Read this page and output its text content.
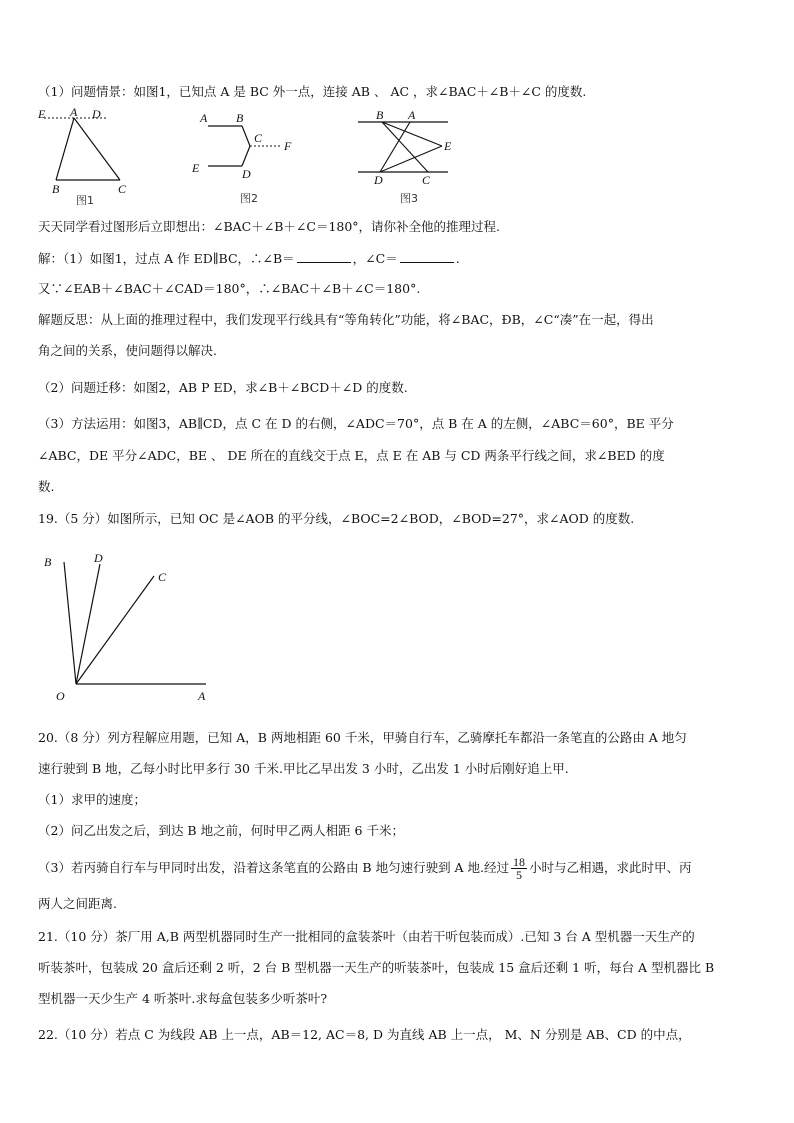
（1）问题情景：如图1，已知点 A 是 BC 外一点，连接 AB 、 AC ，求∠BAC＋∠B＋∠C 的度数.
E A D
B	C
图1
A B
C
F
E	D
图2
B A
E
D	C
图3
天天同学看过图形后立即想出：∠BAC＋∠B＋∠C＝180°，请你补全他的推理过程.
解：（1）如图1，过点 A 作 ED∥BC，∴∠B＝	，∠C＝	.
又∵∠EAB＋∠BAC＋∠CAD＝180°，∴∠BAC＋∠B＋∠C＝180°.
解题反思：从上面的推理过程中，我们发现平行线具有“等角转化”功能，将∠BAC，ÐB，∠C“凑”在一起，得出
角之间的关系，使问题得以解决.
（2）问题迁移：如图2，AB P ED，求∠B＋∠BCD＋∠D 的度数.
（3）方法运用：如图3，AB∥CD，点 C 在 D 的右侧，∠ADC＝70°，点 B 在 A 的左侧，∠ABC＝60°，BE 平分
∠ABC，DE 平分∠ADC，BE 、 DE 所在的直线交于点 E，点 E 在 AB 与 CD 两条平行线之间，求∠BED 的度
数.
19.（5 分）如图所示，已知 OC 是∠AOB 的平分线，∠BOC=2∠BOD，∠BOD=27°，求∠AOD 的度数.
B	D
C
O	A
20.（8 分）列方程解应用题，已知 A，B 两地相距 60 千米，甲骑自行车，乙骑摩托车都沿一条笔直的公路由 A 地匀
速行驶到 B 地，乙每小时比甲多行 30 千米.甲比乙早出发 3 小时，乙出发 1 小时后刚好追上甲.
（1）求甲的速度；
（2）问乙出发之后，到达 B 地之前，何时甲乙两人相距 6 千米；
（3）若丙骑自行车与甲同时出发，沿着这条笔直的公路由 B 地匀速行驶到 A 地.经过 $\frac{18}{5}$ 小时与乙相遇，求此时甲、丙
两人之间距离.
21.（10 分）茶厂用 A,B 两型机器同时生产一批相同的盒装茶叶（由若干听包装而成）.已知 3 台 A 型机器一天生产的
听装茶叶，包装成 20 盒后还剩 2 听，2 台 B 型机器一天生产的听装茶叶，包装成 15 盒后还剩 1 听，每台 A 型机器比 B
型机器一天少生产 4 听茶叶.求每盒包装多少听茶叶?
22.（10 分）若点 C 为线段 AB 上一点，AB＝12, AC＝8, D 为直线 AB 上一点， M、N 分别是 AB、CD 的中点，
